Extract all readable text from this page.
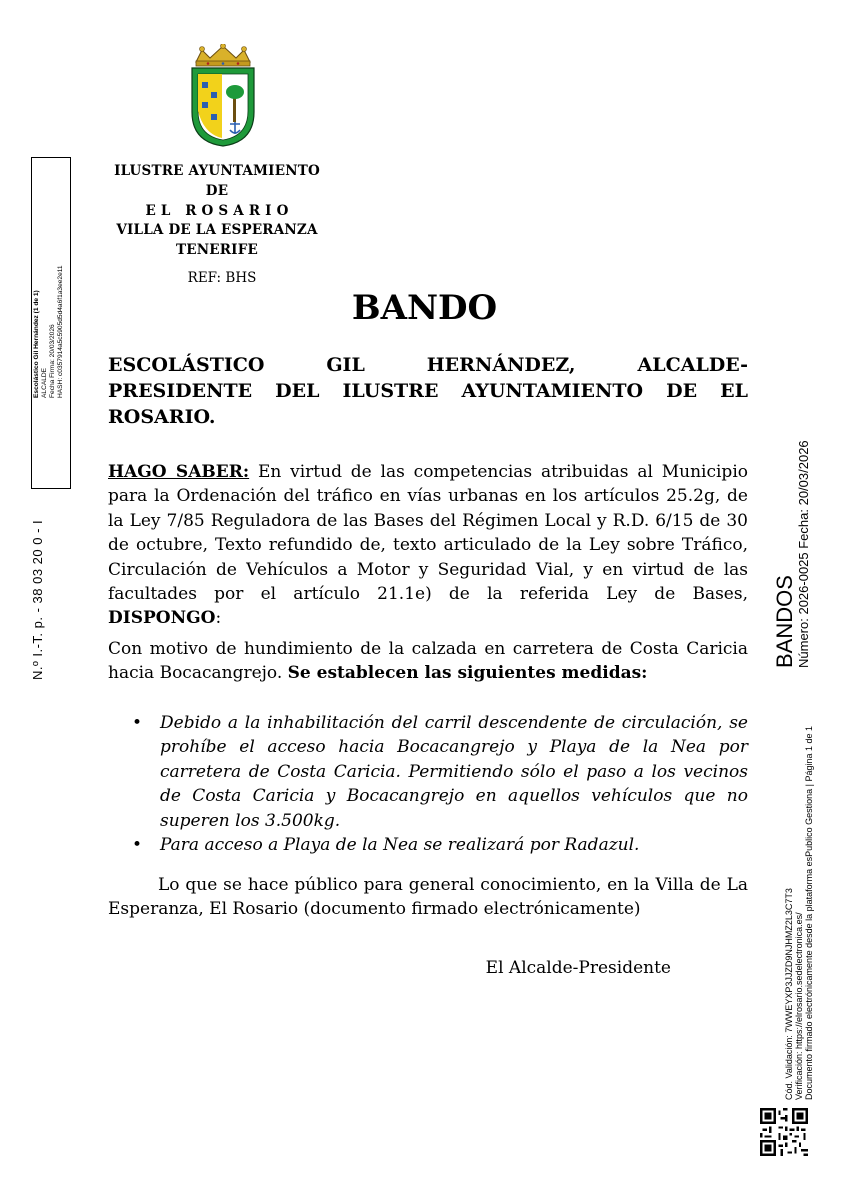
ILUSTRE AYUNTAMIENTO
DE
E L   R O S A R I O
VILLA DE LA ESPERANZA
TENERIFE
REF: BHS
BANDO
ESCOLÁSTICO GIL HERNÁNDEZ, ALCALDE-
PRESIDENTE DEL ILUSTRE AYUNTAMIENTO DE EL ROSARIO.
HAGO SABER: En virtud de las competencias atribuidas al Municipio para la Ordenación del tráfico en vías urbanas en los artículos 25.2g, de la Ley 7/85 Reguladora de las Bases del Régimen Local y R.D. 6/15 de 30 de octubre, Texto refundido de, texto articulado de la Ley sobre Tráfico, Circulación de Vehículos a Motor y Seguridad Vial, y en virtud de las facultades por el artículo 21.1e) de la referida Ley de Bases, DISPONGO:
Con motivo de hundimiento de la calzada en carretera de Costa Caricia hacia Bocacangrejo. Se establecen las siguientes medidas:
• Debido a la inhabilitación del carril descendente de circulación, se prohíbe el acceso hacia Bocacangrejo y Playa de la Nea por carretera de Costa Caricia. Permitiendo sólo el paso a los vecinos de Costa Caricia y Bocacangrejo en aquellos vehículos que no superen los 3.500kg.
• Para acceso a Playa de la Nea se realizará por Radazul.
Lo que se hace público para general conocimiento, en la Villa de La Esperanza, El Rosario (documento firmado electrónicamente)
El Alcalde-Presidente
Escolástico Gil Hernández (1 de 1) ALCALDE Fecha Firma: 20/03/2026 HASH: c0357914a5c5905d5d4a6f1a3ee2e11
N.º I.-T. p. - 38 03 20 0 - I	BANDOS Número: 2026-0025 Fecha: 20/03/2026
Cód. Validación: 7WWEYXP3JJZD9NJHMZ2L3C7T3 Verificación: https://elrosario.sedelectronica.es/ Documento firmado electrónicamente desde la plataforma esPublico Gestiona | Página 1 de 1
